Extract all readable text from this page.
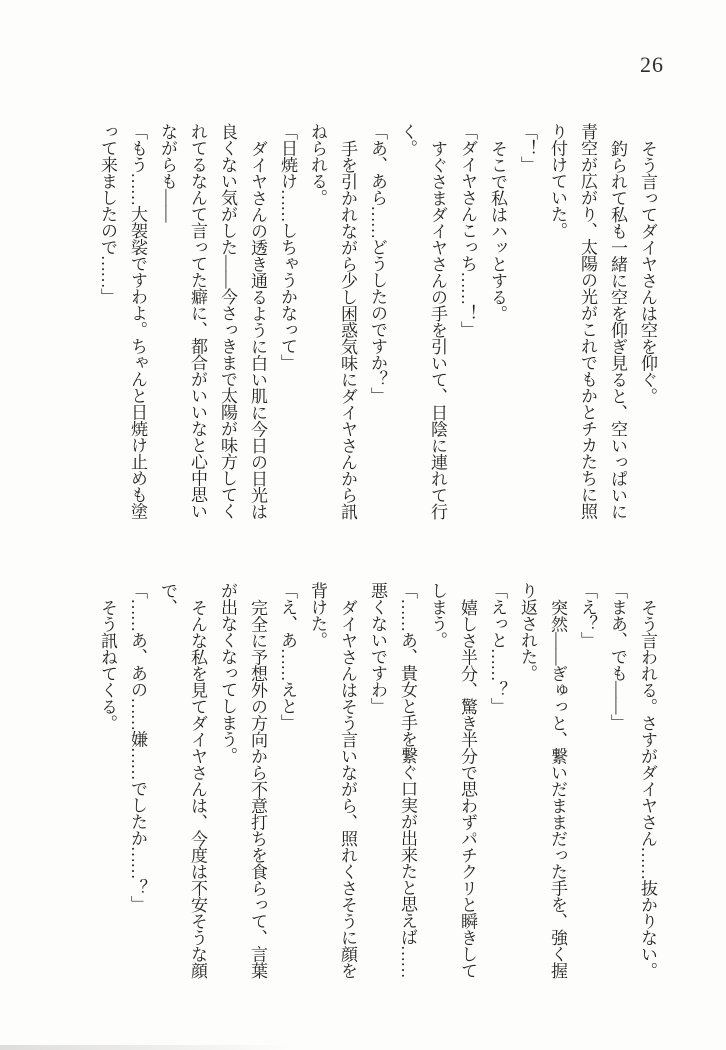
26
そう言ってダイヤさんは空を仰ぐ。
釣られて私も一緒に空を仰ぎ見ると、空いっぱいに
青空が広がり、太陽の光がこれでもかとチカたちに照
り付けていた。
「！」
そこで私はハッとする。
「ダイヤさんこっち……！」
すぐさまダイヤさんの手を引いて、日陰に連れて行
く。
「あ、あら……どうしたのですか？」
手を引かれながら少し困惑気味にダイヤさんから訊
ねられる。
「日焼け……しちゃうかなって」
ダイヤさんの透き通るように白い肌に今日の日光は
良くない気がした――今さっきまで太陽が味方してく
れてるなんて言ってた癖に、都合がいいなと心中思い
ながらも――
「もう……大袈裟ですわよ。ちゃんと日焼け止めも塗
って来ましたので……」
そう言われる。さすがダイヤさん……抜かりない。
「まあ、でも――」
「え？」
突然――ぎゅっと、繋いだままだった手を、強く握
り返された。
「えっと……？」
嬉しさ半分、驚き半分で思わずパチクリと瞬きして
しまう。
「……あ、貴女と手を繋ぐ口実が出来たと思えば……
悪くないですわ」
ダイヤさんはそう言いながら、照れくさそうに顔を
背けた。
「え、あ……えと」
完全に予想外の方向から不意打ちを食らって、言葉
が出なくなってしまう。
そんな私を見てダイヤさんは、今度は不安そうな顔
で、
「……あ、あの……嫌……でしたか……？」
そう訊ねてくる。
